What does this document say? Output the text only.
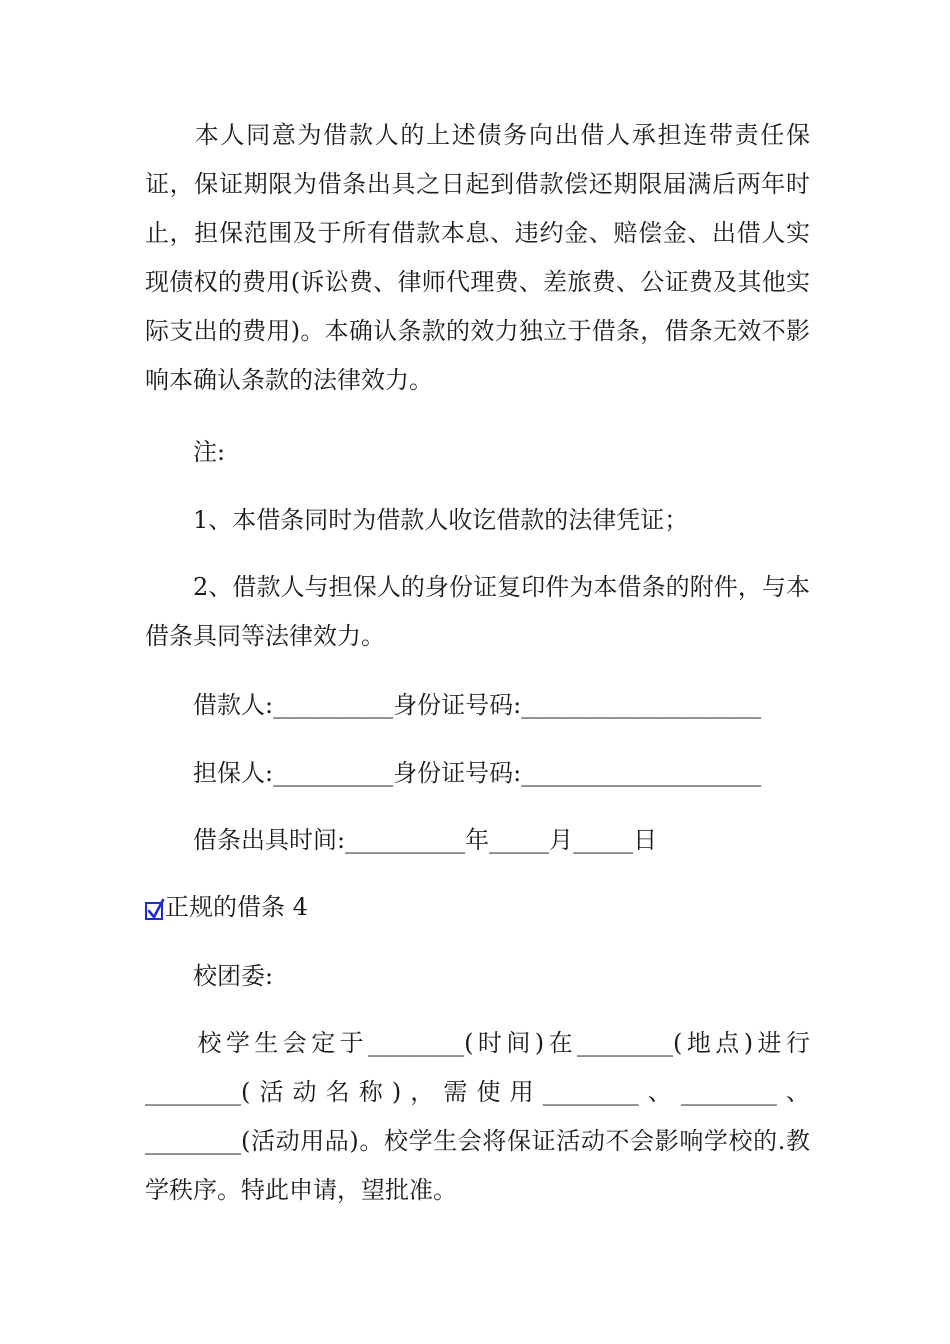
本人同意为借款人的上述债务向出借人承担连带责任保证，保证期限为借条出具之日起到借款偿还期限届满后两年时止，担保范围及于所有借款本息、违约金、赔偿金、出借人实现债权的费用(诉讼费、律师代理费、差旅费、公证费及其他实际支出的费用)。本确认条款的效力独立于借条，借条无效不影响本确认条款的法律效力。

注:
1、本借条同时为借款人收讫借款的法律凭证；

2、借款人与担保人的身份证复印件为本借条的附件，与本借条具同等法律效力。

借款人:__________身份证号码:____________________
担保人:__________身份证号码:____________________
借条出具时间:__________年_____月_____日
正规的借条 4
校团委:

校学生会定于________(时间)在________(地点)进行________(活动名称)，需使用________、________、________(活动用品)。校学生会将保证活动不会影响学校的.教学秩序。特此申请，望批准。
